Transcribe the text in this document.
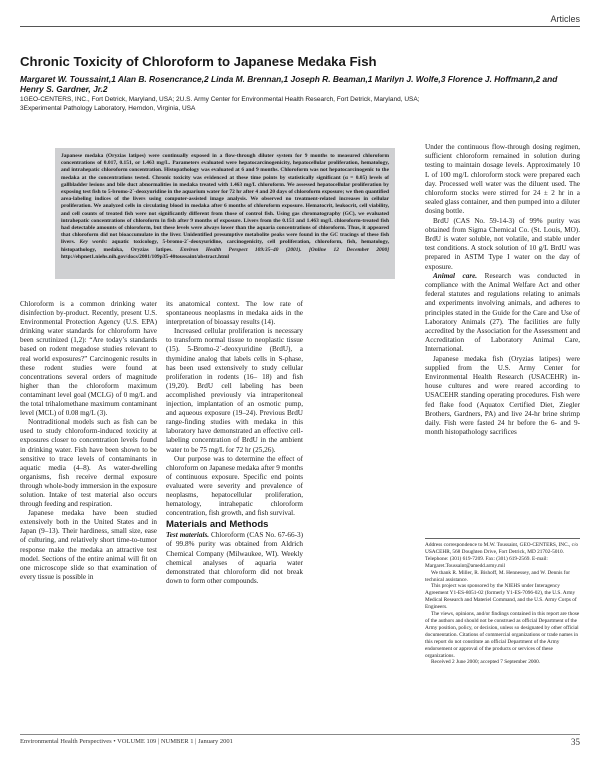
Articles
Chronic Toxicity of Chloroform to Japanese Medaka Fish
Margaret W. Toussaint,1 Alan B. Rosencrance,2 Linda M. Brennan,1 Joseph R. Beaman,1 Marilyn J. Wolfe,3 Florence J. Hoffmann,2 and Henry S. Gardner, Jr.2
1GEO-CENTERS, INC., Fort Detrick, Maryland, USA; 2U.S. Army Center for Environmental Health Research, Fort Detrick, Maryland, USA;
3Experimental Pathology Laboratory, Herndon, Virginia, USA

Japanese medaka (Oryzias latipes) were continually exposed in a flow-through diluter system for 9 months to measured chloroform concentrations of 0.017, 0.151, or 1.463 mg/L. Parameters evaluated were hepatocarcinogenicity, hepatocellular proliferation, hematology, and intrahepatic chloroform concentration. Histopathology was evaluated at 6 and 9 months. Chloroform was not hepatocarcinogenic to the medaka at the concentrations tested. Chronic toxicity was evidenced at these time points by statistically significant (α = 0.05) levels of gallbladder lesions and bile duct abnormalities in medaka treated with 1.463 mg/L chloroform. We assessed hepatocellular proliferation by exposing test fish to 5-bromo-2´-deoxyuridine in the aquarium water for 72 hr after 4 and 20 days of chloroform exposure; we then quantified area-labeling indices of the livers using computer-assisted image analysis. We observed no treatment-related increases in cellular proliferation. We analyzed cells in circulating blood in medaka after 6 months of chloroform exposure. Hematocrit, leukocrit, cell viability, and cell counts of treated fish were not significantly different from those of control fish. Using gas chromatography (GC), we evaluated intrahepatic concentrations of chloroform in fish after 9 months of exposure. Livers from the 0.151 and 1.463 mg/L chloroform-treated fish had detectable amounts of chloroform, but these levels were always lower than the aquaria concentrations of chloroform. Thus, it appeared that chloroform did not bioaccumulate in the liver. Unidentified presumptive metabolite peaks were found in the GC tracings of these fish livers. Key words: aquatic toxicology, 5-bromo-2´-deoxyuridine, carcinogenicity, cell proliferation, chloroform, fish, hematology, histopathology, medaka, Oryzias latipes. Environ Health Perspect 109:35–40 (2001). [Online 12 December 2000] http://ehpnet1.niehs.nih.gov/docs/2001/109p35-40toussaint/abstract.html

Chloroform is a common drinking water disinfection by-product. Recently, present U.S. Environmental Protection Agency (U.S. EPA) drinking water standards for chloroform have been scrutinized (1,2): “Are today’s standards based on rodent megadose studies relevant to real world exposures?” Carcinogenic results in these rodent studies were found at concentrations several orders of magnitude higher than the chloroform maximum contaminant level goal (MCLG) of 0 mg/L and the total trihalomethane maximum contaminant level (MCL) of 0.08 mg/L (3).

Nontraditional models such as fish can be used to study chloroform-induced toxicity at exposures closer to concentration levels found in drinking water. Fish have been shown to be sensitive to trace levels of contaminants in aquatic media (4–8). As water-dwelling organisms, fish receive dermal exposure through whole-body immersion in the exposure solution. Intake of test material also occurs through feeding and respiration.

Japanese medaka have been studied extensively both in the United States and in Japan (9–13). Their hardiness, small size, ease of culturing, and relatively short time-to-tumor response make the medaka an attractive test model. Sections of the entire animal will fit on one microscope slide so that examination of every tissue is possible in

its anatomical context. The low rate of spontaneous neoplasms in medaka aids in the interpretation of bioassay results (14).

Increased cellular proliferation is necessary to transform normal tissue to neoplastic tissue (15). 5-Bromo-2´-deoxyuridine (BrdU), a thymidine analog that labels cells in S-phase, has been used extensively to study cellular proliferation in rodents (16– 18) and fish (19,20). BrdU cell labeling has been accomplished previously via intraperitoneal injection, implantation of an osmotic pump, and aqueous exposure (19–24). Previous BrdU range-finding studies with medaka in this laboratory have demonstrated an effective cell-labeling concentration of BrdU in the ambient water to be 75 mg/L for 72 hr (25,26).

Our purpose was to determine the effect of chloroform on Japanese medaka after 9 months of continuous exposure. Specific end points evaluated were severity and prevalence of neoplasms, hepatocellular proliferation, hematology, intrahepatic chloroform concentration, fish growth, and fish survival.

Materials and Methods

Test materials. Chloroform (CAS No. 67-66-3) of 99.8% purity was obtained from Aldrich Chemical Company (Milwaukee, WI). Weekly chemical analyses of aquaria water demonstrated that chloroform did not break down to form other compounds.

Under the continuous flow-through dosing regimen, sufficient chloroform remained in solution during testing to maintain dosage levels. Approximately 10 L of 100 mg/L chloroform stock were prepared each day. Processed well water was the diluent used. The chloroform stocks were stirred for 24 ± 2 hr in a sealed glass container, and then pumped into a diluter dosing bottle.

BrdU (CAS No. 59-14-3) of 99% purity was obtained from Sigma Chemical Co. (St. Louis, MO). BrdU is water soluble, not volatile, and stable under test conditions. A stock solution of 10 g/L BrdU was prepared in ASTM Type I water on the day of exposure.

Animal care. Research was conducted in compliance with the Animal Welfare Act and other federal statutes and regulations relating to animals and experiments involving animals, and adheres to principles stated in the Guide for the Care and Use of Laboratory Animals (27). The facilities are fully accredited by the Association for the Assessment and Accreditation of Laboratory Animal Care, International.

Japanese medaka fish (Oryzias latipes) were supplied from the U.S. Army Center for Environmental Health Research (USACEHR) in-house cultures and were reared according to USACEHR standing operating procedures. Fish were fed flake food (Aquatox Certified Diet, Ziegler Brothers, Gardners, PA) and live 24-hr brine shrimp daily. Fish were fasted 24 hr before the 6- and 9-month histopathology sacrifices

Address correspondence to M.W. Toussaint, GEO-CENTERS, INC., c/o USACEHR, 568 Doughten Drive, Fort Detrick, MD 21702-5010. Telephone: (301) 619-7209. Fax: (301) 619-2569. E-mail: Margaret.Toussaint@amedd.army.mil

We thank R. Miller, R. Bishoff, M. Hennessey, and W. Dennis for technical assistance.

This project was sponsored by the NIEHS under Interagency Agreement Y1-ES-8051-02 (formerly Y1-ES-7096-02), the U.S. Army Medical Research and Materiel Command, and the U.S. Army Corps of Engineers.

The views, opinions, and/or findings contained in this report are those of the authors and should not be construed as official Department of the Army position, policy, or decision, unless so designated by other official documentation. Citations of commercial organizations or trade names in this report do not constitute an official Department of the Army endorsement or approval of the products or services of these organizations.

Received 2 June 2000; accepted 7 September 2000.

Environmental Health Perspectives • VOLUME 109 | NUMBER 1 | January 2001	35
